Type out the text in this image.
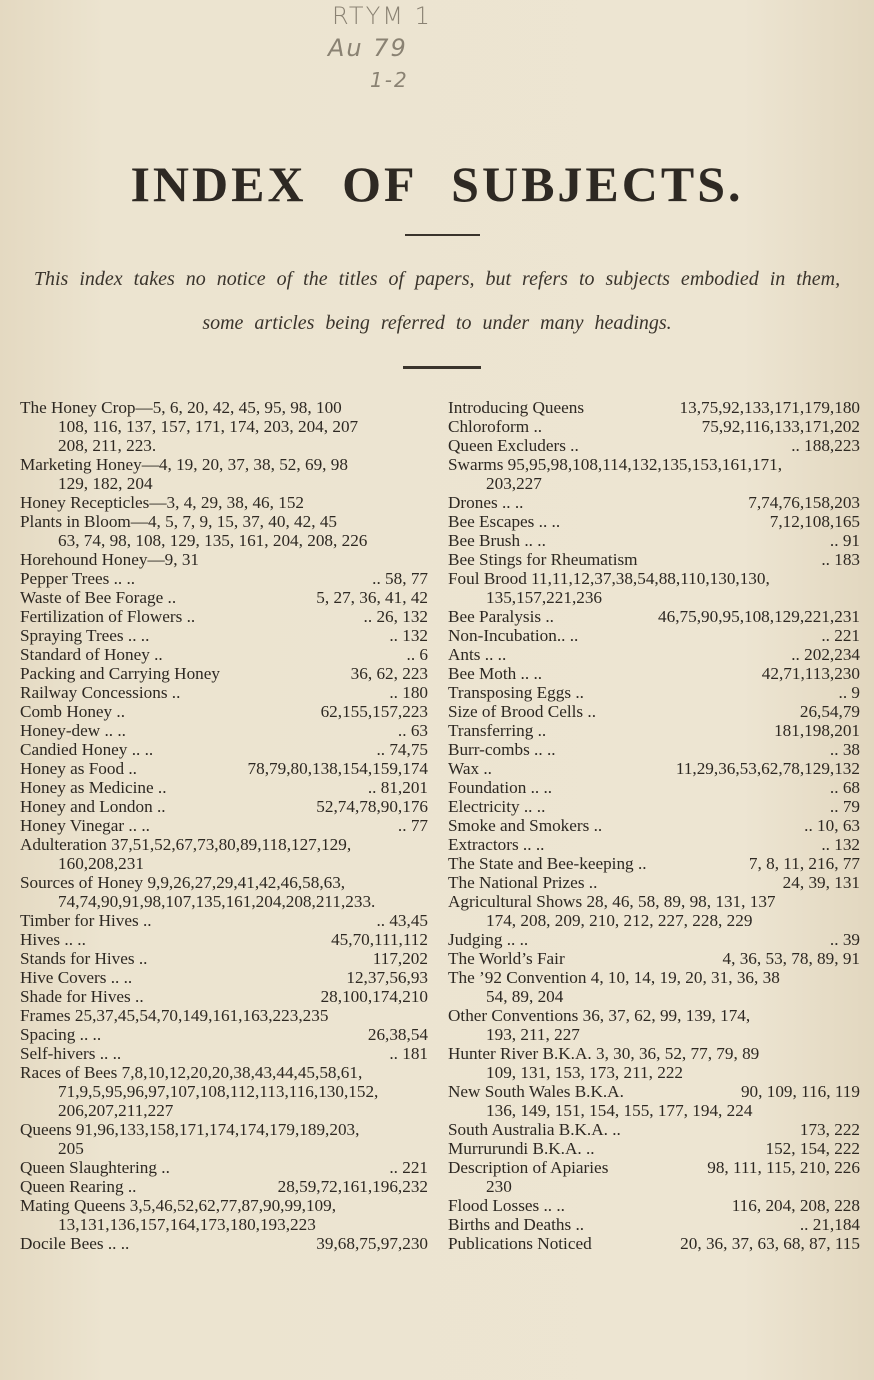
RTYM 1
Au 79
1-2
INDEX OF SUBJECTS.
This index takes no notice of the titles of papers, but refers to subjects embodied in them,
some articles being referred to under many headings.
The Honey Crop—5, 6, 20, 42, 45, 95, 98, 100
108, 116, 137, 157, 171, 174, 203, 204, 207
208, 211, 223.
Marketing Honey—4, 19, 20, 37, 38, 52, 69, 98
129, 182, 204
Honey Recepticles—3, 4, 29, 38, 46, 152
Plants in Bloom—4, 5, 7, 9, 15, 37, 40, 42, 45
63, 74, 98, 108, 129, 135, 161, 204, 208, 226
Horehound Honey—9, 31
Pepper Trees .. ..	.. 58, 77
Waste of Bee Forage ..	5, 27, 36, 41, 42
Fertilization of Flowers ..	.. 26, 132
Spraying Trees .. ..	.. 132
Standard of Honey ..	.. 6
Packing and Carrying Honey	36, 62, 223
Railway Concessions ..	.. 180
Comb Honey ..	62,155,157,223
Honey-dew .. ..	.. 63
Candied Honey .. ..	.. 74,75
Honey as Food ..	78,79,80,138,154,159,174
Honey as Medicine ..	.. 81,201
Honey and London ..	52,74,78,90,176
Honey Vinegar .. ..	.. 77
Adulteration 37,51,52,67,73,80,89,118,127,129,
160,208,231
Sources of Honey 9,9,26,27,29,41,42,46,58,63,
74,74,90,91,98,107,135,161,204,208,211,233.
Timber for Hives ..	.. 43,45
Hives .. ..	45,70,111,112
Stands for Hives ..	117,202
Hive Covers .. ..	12,37,56,93
Shade for Hives ..	28,100,174,210
Frames 25,37,45,54,70,149,161,163,223,235
Spacing .. ..	26,38,54
Self-hivers .. ..	.. 181
Races of Bees 7,8,10,12,20,20,38,43,44,45,58,61,
71,9,5,95,96,97,107,108,112,113,116,130,152,
206,207,211,227
Queens 91,96,133,158,171,174,174,179,189,203,
205
Queen Slaughtering ..	.. 221
Queen Rearing ..	28,59,72,161,196,232
Mating Queens 3,5,46,52,62,77,87,90,99,109,
13,131,136,157,164,173,180,193,223
Docile Bees .. ..	39,68,75,97,230
Introducing Queens	13,75,92,133,171,179,180
Chloroform ..	75,92,116,133,171,202
Queen Excluders ..	.. 188,223
Swarms 95,95,98,108,114,132,135,153,161,171,
203,227
Drones .. ..	7,74,76,158,203
Bee Escapes .. ..	7,12,108,165
Bee Brush .. ..	.. 91
Bee Stings for Rheumatism	.. 183
Foul Brood 11,11,12,37,38,54,88,110,130,130,
135,157,221,236
Bee Paralysis ..	46,75,90,95,108,129,221,231
Non-Incubation.. ..	.. 221
Ants .. ..	.. 202,234
Bee Moth .. ..	42,71,113,230
Transposing Eggs ..	.. 9
Size of Brood Cells ..	26,54,79
Transferring ..	181,198,201
Burr-combs .. ..	.. 38
Wax ..	11,29,36,53,62,78,129,132
Foundation .. ..	.. 68
Electricity .. ..	.. 79
Smoke and Smokers ..	.. 10, 63
Extractors .. ..	.. 132
The State and Bee-keeping ..	7, 8, 11, 216, 77
The National Prizes ..	24, 39, 131
Agricultural Shows 28, 46, 58, 89, 98, 131, 137
174, 208, 209, 210, 212, 227, 228, 229
Judging .. ..	.. 39
The World’s Fair	4, 36, 53, 78, 89, 91
The ’92 Convention 4, 10, 14, 19, 20, 31, 36, 38
54, 89, 204
Other Conventions 36, 37, 62, 99, 139, 174,
193, 211, 227
Hunter River B.K.A. 3, 30, 36, 52, 77, 79, 89
109, 131, 153, 173, 211, 222
New South Wales B.K.A.	90, 109, 116, 119
136, 149, 151, 154, 155, 177, 194, 224
South Australia B.K.A. ..	173, 222
Murrurundi B.K.A. ..	152, 154, 222
Description of Apiaries	98, 111, 115, 210, 226
230
Flood Losses .. ..	116, 204, 208, 228
Births and Deaths ..	.. 21,184
Publications Noticed	20, 36, 37, 63, 68, 87, 115
